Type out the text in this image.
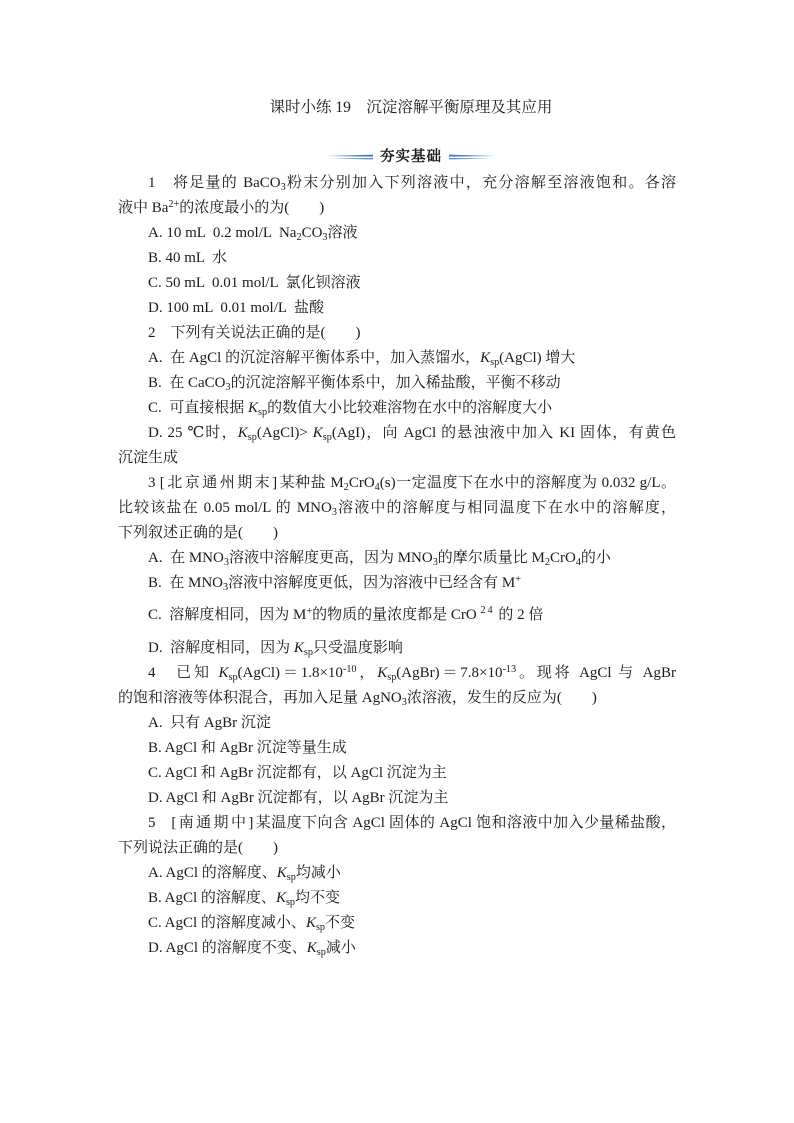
课时小练 19　沉淀溶解平衡原理及其应用
夯实基础
1　将足量的 BaCO$_3$粉末分别加入下列溶液中，充分溶解至溶液饱和。各溶
液中 $Ba^{2+}$的浓度最小的为(　　)
A. 10 mL  0.2 mol/L  $Na_2CO_3$溶液
B. 40 mL  水
C. 50 mL  0.01 mol/L  氯化钡溶液
D. 100 mL  0.01 mol/L  盐酸
2　下列有关说法正确的是(　　)
A.  在 AgCl 的沉淀溶解平衡体系中，加入蒸馏水，$K_{sp}(AgCl)$ 增大
B.  在 CaCO$_3$的沉淀溶解平衡体系中，加入稀盐酸，平衡不移动
C.  可直接根据 $K_{sp}$的数值大小比较难溶物在水中的溶解度大小
D. 25 ℃时，$K_{sp}(AgCl)> K_{sp}(AgI)$，向 AgCl 的悬浊液中加入 KI 固体，有黄色
沉淀生成
3 [北京通州期末]某种盐 $M_2CrO_4(s)$一定温度下在水中的溶解度为 0.032 g/L。
比较该盐在 0.05 mol/L 的 $MNO_3$溶液中的溶解度与相同温度下在水中的溶解度，
下列叙述正确的是(　　)
A.  在 $MNO_3$溶液中溶解度更高，因为 $MNO_3$的摩尔质量比 $M_2CrO_4$的小
B.  在 $MNO_3$溶液中溶解度更低，因为溶液中已经含有 M+
C.  溶解度相同，因为 M+的物质的量浓度都是 CrO $^{24}$ 的 2 倍
D.  溶解度相同，因为 $K_{sp}$只受温度影响
4　已知 $K_{sp}(AgCl)=1.8\times 10^{-10}$，$K_{sp}(AgBr)=7.8\times 10^{-13}$。现将 AgCl 与 AgBr
的饱和溶液等体积混合，再加入足量 AgNO$_3$浓溶液，发生的反应为(　　)
A.  只有 AgBr 沉淀
B. AgCl 和 AgBr 沉淀等量生成
C. AgCl 和 AgBr 沉淀都有，以 AgCl 沉淀为主
D. AgCl 和 AgBr 沉淀都有，以 AgBr 沉淀为主
5　[南通期中]某温度下向含 AgCl 固体的 AgCl 饱和溶液中加入少量稀盐酸，
下列说法正确的是(　　)
A. AgCl 的溶解度、$K_{sp}$均减小
B. AgCl 的溶解度、$K_{sp}$均不变
C. AgCl 的溶解度减小、$K_{sp}$不变
D. AgCl 的溶解度不变、$K_{sp}$减小
